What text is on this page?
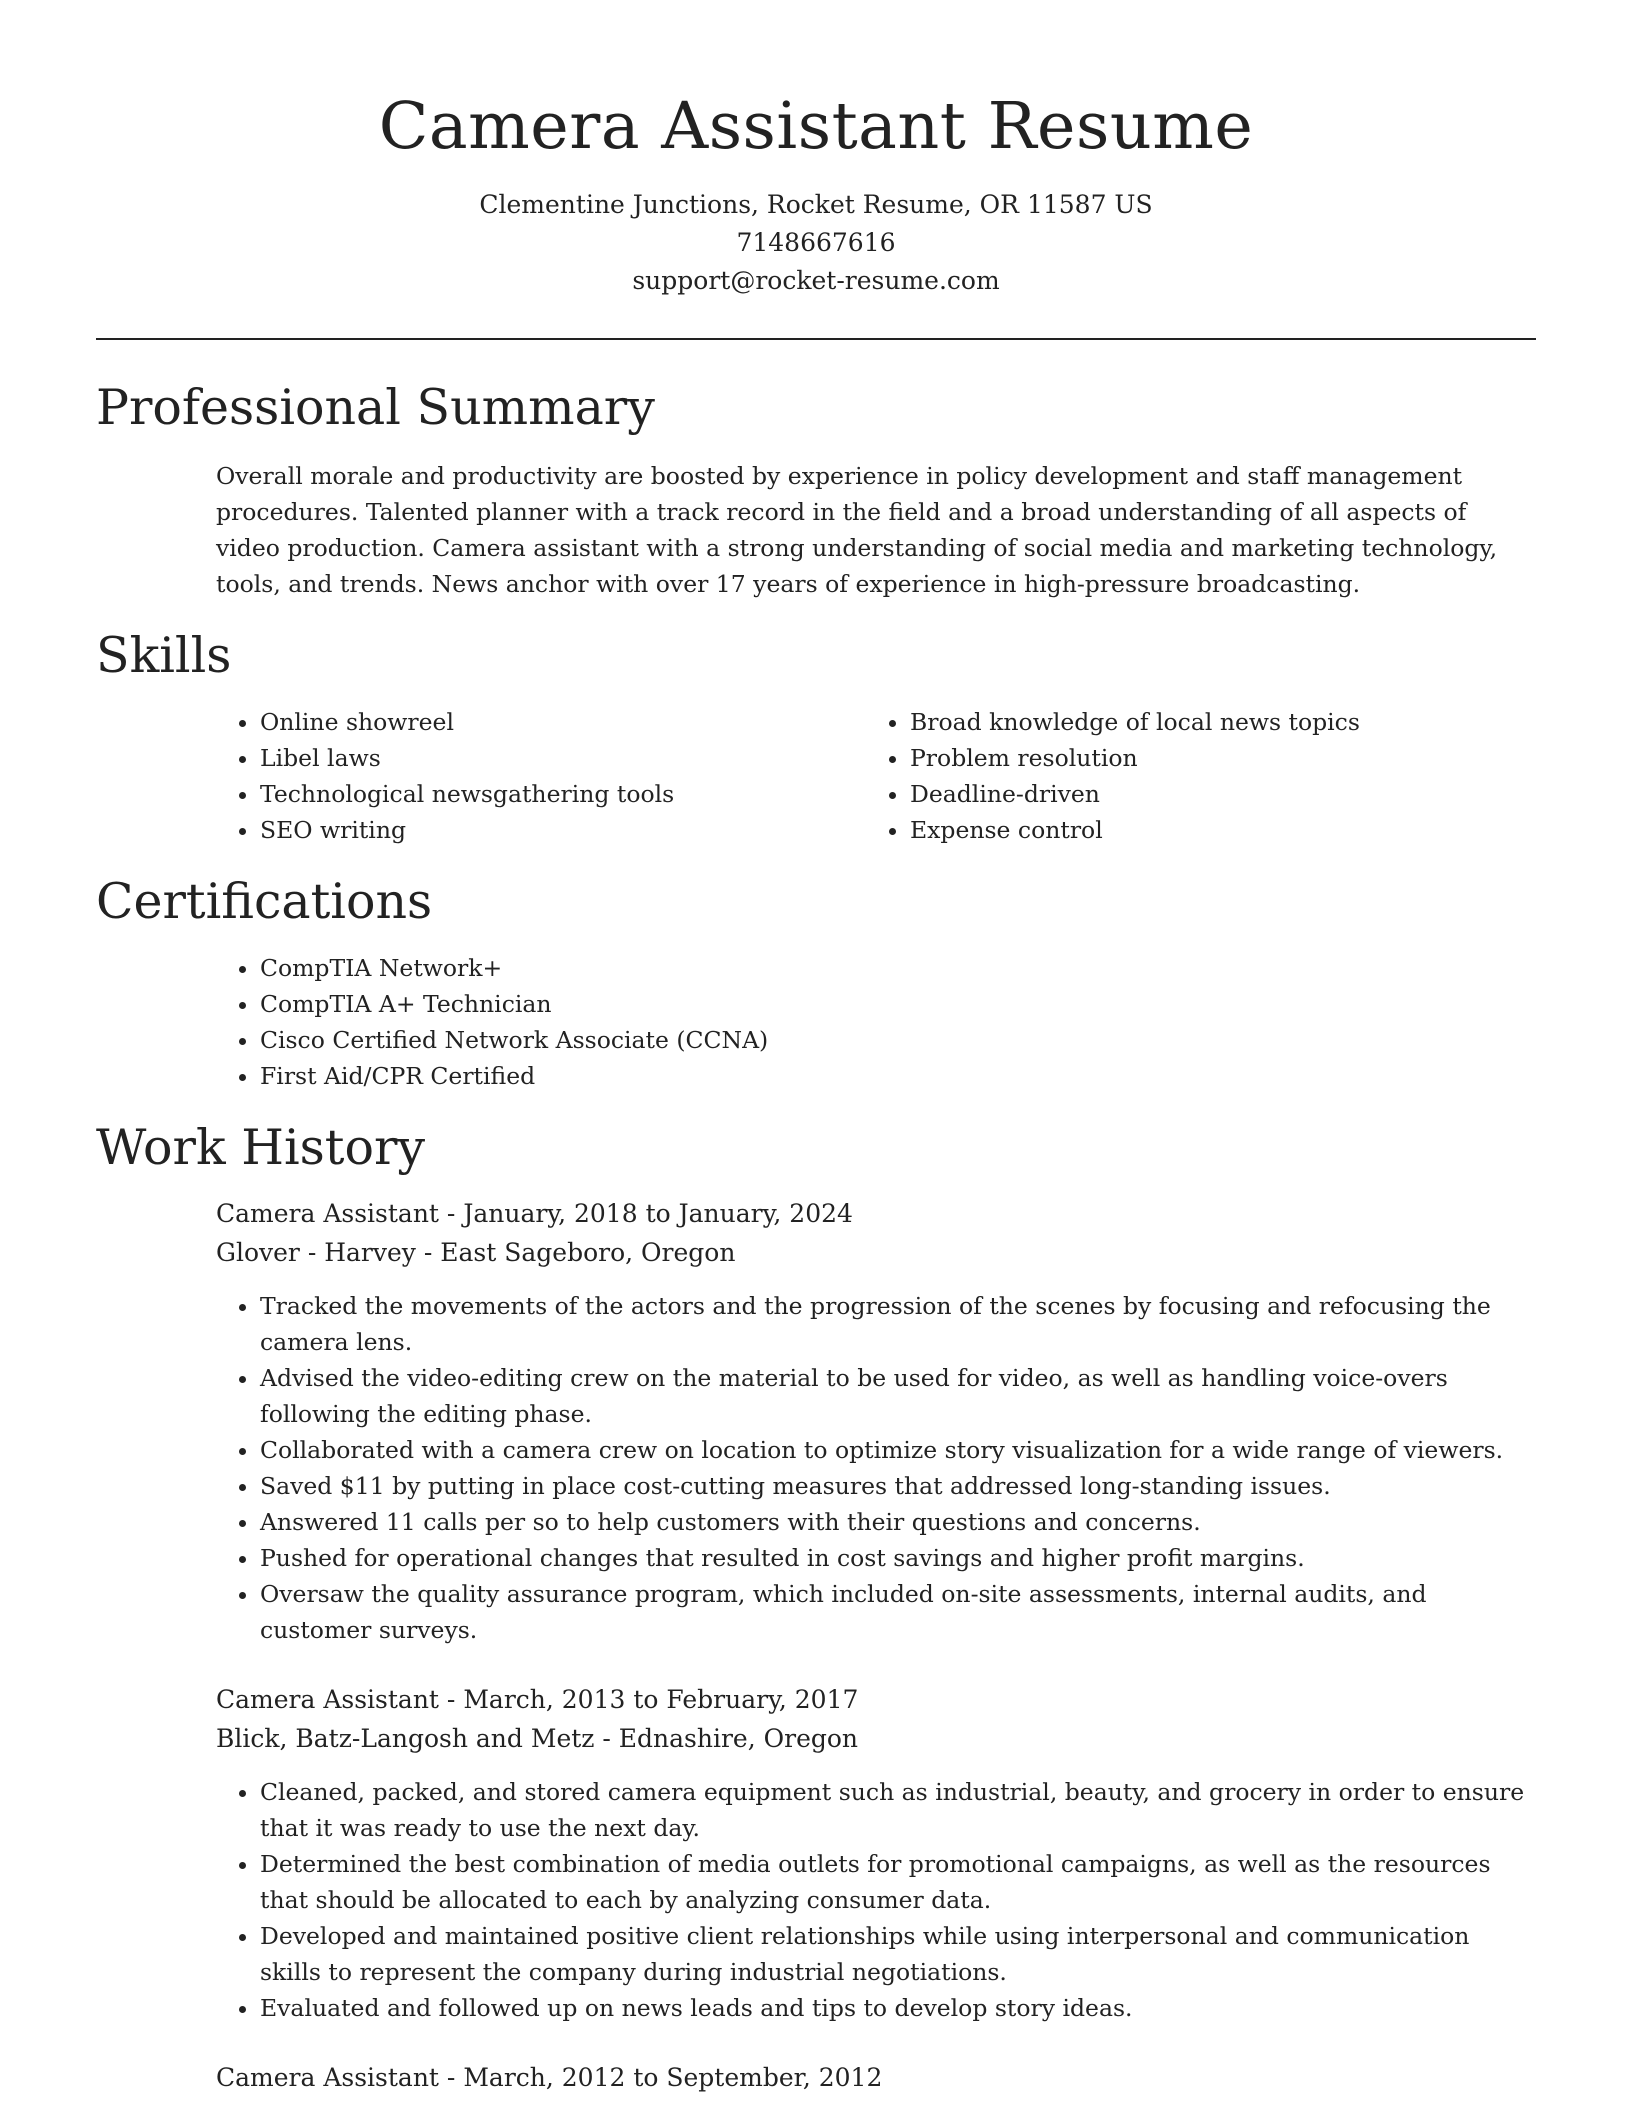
Camera Assistant Resume
Clementine Junctions, Rocket Resume, OR 11587 US
7148667616
support@rocket-resume.com
Professional Summary

Overall morale and productivity are boosted by experience in policy development and staff management procedures. Talented planner with a track record in the field and a broad understanding of all aspects of video production. Camera assistant with a strong understanding of social media and marketing technology, tools, and trends. News anchor with over 17 years of experience in high-pressure broadcasting.

Skills
• Online showreel
• Libel laws
• Technological newsgathering tools
• SEO writing
• Broad knowledge of local news topics
• Problem resolution
• Deadline-driven
• Expense control
Certifications
• CompTIA Network+
• CompTIA A+ Technician
• Cisco Certified Network Associate (CCNA)
• First Aid/CPR Certified
Work History
Camera Assistant - January, 2018 to January, 2024
Glover - Harvey - East Sageboro, Oregon
• Tracked the movements of the actors and the progression of the scenes by focusing and refocusing the camera lens.
• Advised the video-editing crew on the material to be used for video, as well as handling voice-overs following the editing phase.
• Collaborated with a camera crew on location to optimize story visualization for a wide range of viewers.
• Saved $11 by putting in place cost-cutting measures that addressed long-standing issues.
• Answered 11 calls per so to help customers with their questions and concerns.
• Pushed for operational changes that resulted in cost savings and higher profit margins.
• Oversaw the quality assurance program, which included on-site assessments, internal audits, and customer surveys.
Camera Assistant - March, 2013 to February, 2017
Blick, Batz-Langosh and Metz - Ednashire, Oregon
• Cleaned, packed, and stored camera equipment such as industrial, beauty, and grocery in order to ensure that it was ready to use the next day.
• Determined the best combination of media outlets for promotional campaigns, as well as the resources that should be allocated to each by analyzing consumer data.
• Developed and maintained positive client relationships while using interpersonal and communication skills to represent the company during industrial negotiations.
• Evaluated and followed up on news leads and tips to develop story ideas.
Camera Assistant - March, 2012 to September, 2012
